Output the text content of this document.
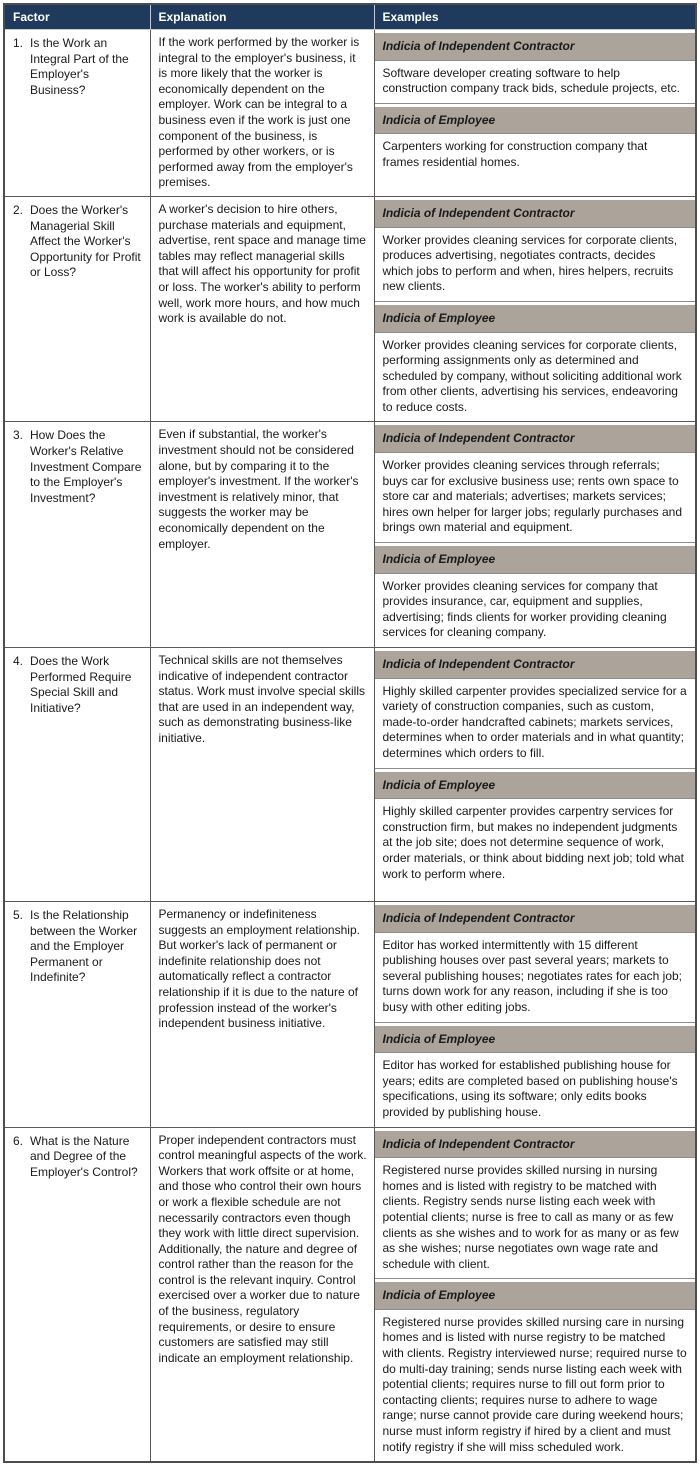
Factor	Explanation	Examples

1. Is the Work an Integral Part of the Employer's Business?
	If the work performed by the worker is integral to the employer's business, it is more likely that the worker is economically dependent on the employer. Work can be integral to a business even if the work is just one component of the business, is performed by other workers, or is performed away from the employer's premises.	
Indicia of Independent Contractor
Software developer creating software to help construction company track bids, schedule projects, etc.
Indicia of Employee
Carpenters working for construction company that frames residential homes.

2. Does the Worker's Managerial Skill Affect the Worker's Opportunity for Profit or Loss?
	A worker's decision to hire others, purchase materials and equipment, advertise, rent space and manage time tables may reflect managerial skills that will affect his opportunity for profit or loss. The worker's ability to perform well, work more hours, and how much work is available do not.	
Indicia of Independent Contractor
Worker provides cleaning services for corporate clients, produces advertising, negotiates contracts, decides which jobs to perform and when, hires helpers, recruits new clients.
Indicia of Employee
Worker provides cleaning services for corporate clients, performing assignments only as determined and scheduled by company, without soliciting additional work from other clients, advertising his services, endeavoring to reduce costs.

3. How Does the Worker's Relative Investment Compare to the Employer's Investment?
	Even if substantial, the worker's investment should not be considered alone, but by comparing it to the employer's investment. If the worker's investment is relatively minor, that suggests the worker may be economically dependent on the employer.	
Indicia of Independent Contractor
Worker provides cleaning services through referrals; buys car for exclusive business use; rents own space to store car and materials; advertises; markets services; hires own helper for larger jobs; regularly purchases and brings own material and equipment.
Indicia of Employee
Worker provides cleaning services for company that provides insurance, car, equipment and supplies, advertising; finds clients for worker providing cleaning services for cleaning company.

4. Does the Work Performed Require Special Skill and Initiative?
	Technical skills are not themselves indicative of independent contractor status. Work must involve special skills that are used in an independent way, such as demonstrating business-like initiative.	
Indicia of Independent Contractor
Highly skilled carpenter provides specialized service for a variety of construction companies, such as custom, made-to-order handcrafted cabinets; markets services, determines when to order materials and in what quantity; determines which orders to fill.
Indicia of Employee
Highly skilled carpenter provides carpentry services for construction firm, but makes no independent judgments at the job site; does not determine sequence of work, order materials, or think about bidding next job; told what work to perform where.

5. Is the Relationship between the Worker and the Employer Permanent or Indefinite?
	Permanency or indefiniteness suggests an employment relationship. But worker's lack of permanent or indefinite relationship does not automatically reflect a contractor relationship if it is due to the nature of profession instead of the worker's independent business initiative.	
Indicia of Independent Contractor
Editor has worked intermittently with 15 different publishing houses over past several years; markets to several publishing houses; negotiates rates for each job; turns down work for any reason, including if she is too busy with other editing jobs.
Indicia of Employee
Editor has worked for established publishing house for years; edits are completed based on publishing house's specifications, using its software; only edits books provided by publishing house.

6. What is the Nature and Degree of the Employer's Control?
	Proper independent contractors must control meaningful aspects of the work. Workers that work offsite or at home, and those who control their own hours or work a flexible schedule are not necessarily contractors even though they work with little direct supervision. Additionally, the nature and degree of control rather than the reason for the control is the relevant inquiry. Control exercised over a worker due to nature of the business, regulatory requirements, or desire to ensure customers are satisfied may still indicate an employment relationship.	
Indicia of Independent Contractor
Registered nurse provides skilled nursing in nursing homes and is listed with registry to be matched with clients. Registry sends nurse listing each week with potential clients; nurse is free to call as many or as few clients as she wishes and to work for as many or as few as she wishes; nurse negotiates own wage rate and schedule with client.
Indicia of Employee
Registered nurse provides skilled nursing care in nursing homes and is listed with nurse registry to be matched with clients. Registry interviewed nurse; required nurse to do multi-day training; sends nurse listing each week with potential clients; requires nurse to fill out form prior to contacting clients; requires nurse to adhere to wage range; nurse cannot provide care during weekend hours; nurse must inform registry if hired by a client and must notify registry if she will miss scheduled work.
